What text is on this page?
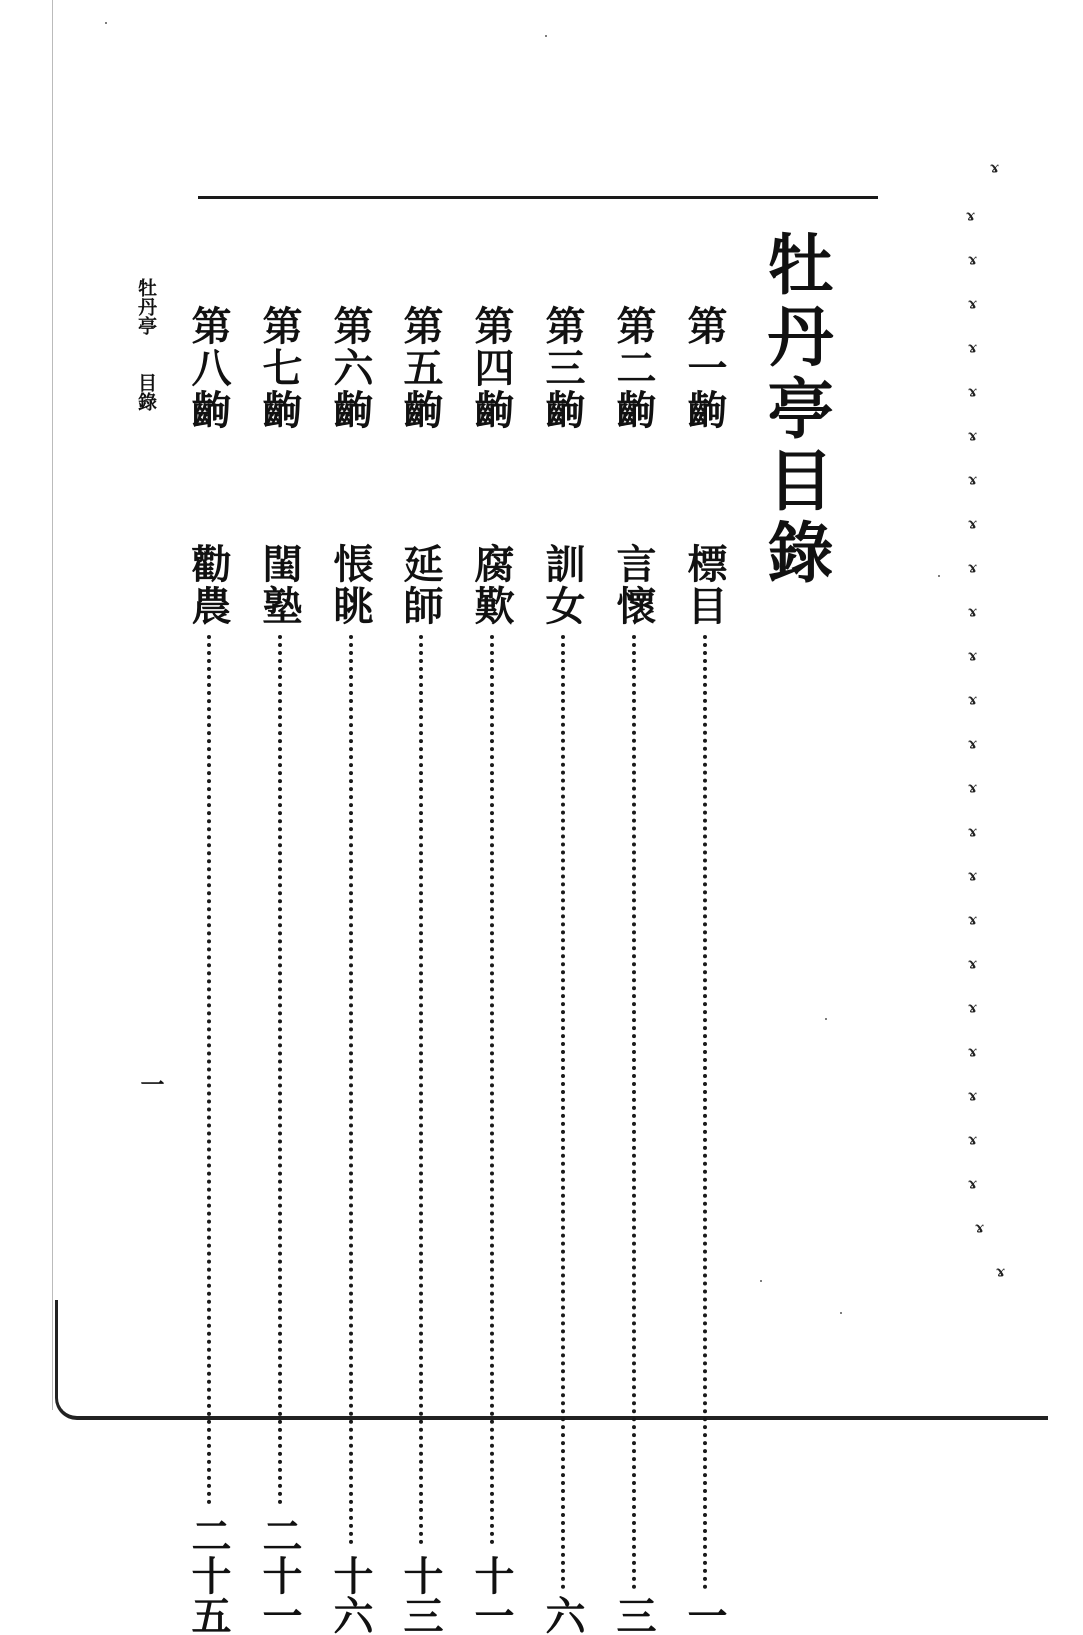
牡丹亭目錄
牡丹亭目錄
一
第一齣
標目
一
第二齣
言懷
三
第三齣
訓女
六
第四齣
腐歎
十一
第五齣
延師
十三
第六齣
悵眺
十六
第七齣
閨塾
二十一
第八齣
勸農
二十五
ɤ
ɤ
ɤ
ɤ
ɤ
ɤ
ɤ
ɤ
ɤ
ɤ
ɤ
ɤ
ɤ
ɤ
ɤ
ɤ
ɤ
ɤ
ɤ
ɤ
ɤ
ɤ
ɤ
ɤ
ɤ
ɤ
